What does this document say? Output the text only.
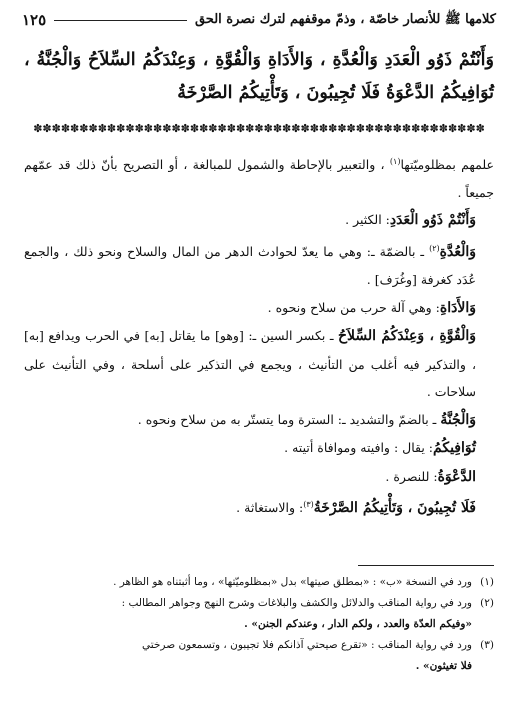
كلامها ﷺ للأنصار خاصّة ، وذمّ موقفهم لترك نصرة الحق
١٢٥
وَأَنْتُمْ ذَوُو الْعَدَدِ وَالْعُدَّةِ ، وَالأَدَاةِ وَالْقُوَّةِ ، وَعِنْدَكُمُ السِّلاَحُ وَالْجُنَّةُ ، تُوَافِيكُمُ الدَّعْوَةُ فَلَا تُجِيبُونَ ، وَتَأْتِيكُمُ الصَّرْخَةُ
✽✽✽✽✽✽✽✽✽✽✽✽✽✽✽✽✽✽✽✽✽✽✽✽✽✽✽✽✽✽✽✽✽✽✽✽✽✽✽✽✽✽✽✽✽✽✽✽✽

علمهم بمظلوميّتها$^{(١)}$ ، والتعبير بالإحاطة والشمول للمبالغة ، أو التصريح بأنّ ذلك قد عمّهم جميعاً .

وَأَنْتُمْ ذَوُو الْعَدَدِ: الكثير .

وَالْعُدَّةِ$^{(٢)}$ ـ بالضمّة ـ: وهي ما يعدّ لحوادث الدهر من المال والسلاح ونحو ذلك ، والجمع عُدَد كغرفة [وغُرَف] .

وَالأَدَاةِ: وهي آلة حرب من سلاح ونحوه .

وَالْقُوَّةِ ، وَعِنْدَكُمُ السِّلاَحُ ـ بكسر السين ـ: [وهو] ما يقاتل [به] في الحرب ويدافع [به] ، والتذكير فيه أغلب من التأنيث ، ويجمع في التذكير على أسلحة ، وفي التأنيث على سلاحات .

وَالْجُنَّةُ ـ بالضمّ والتشديد ـ: السترة وما يتستّر به من سلاح ونحوه .

تُوَافِيكُمُ: يقال : وافيته وموافاة أتيته .

الدَّعْوَةُ: للنصرة .

فَلَا تُجِيبُونَ ، وَتَأْتِيكُمُ الصَّرْخَةُ$^{(٣)}$: والاستغاثة .

(١)ورد في النسخة «ب» : «بمطلق صيتها» بدل «بمظلوميّتها» ، وما أثبتناه هو الظاهر .

(٢)ورد في رواية المناقب والدلائل والكشف والبلاغات وشرح النهج وجواهر المطالب :

«وفيكم العدّة والعدد ، ولكم الدار ، وعندكم الجنن» .

(٣)ورد في رواية المناقب : «تقرع صيحتي آذانكم فلا تجيبون ، وتسمعون صرختي

فلا تغيثون» .
